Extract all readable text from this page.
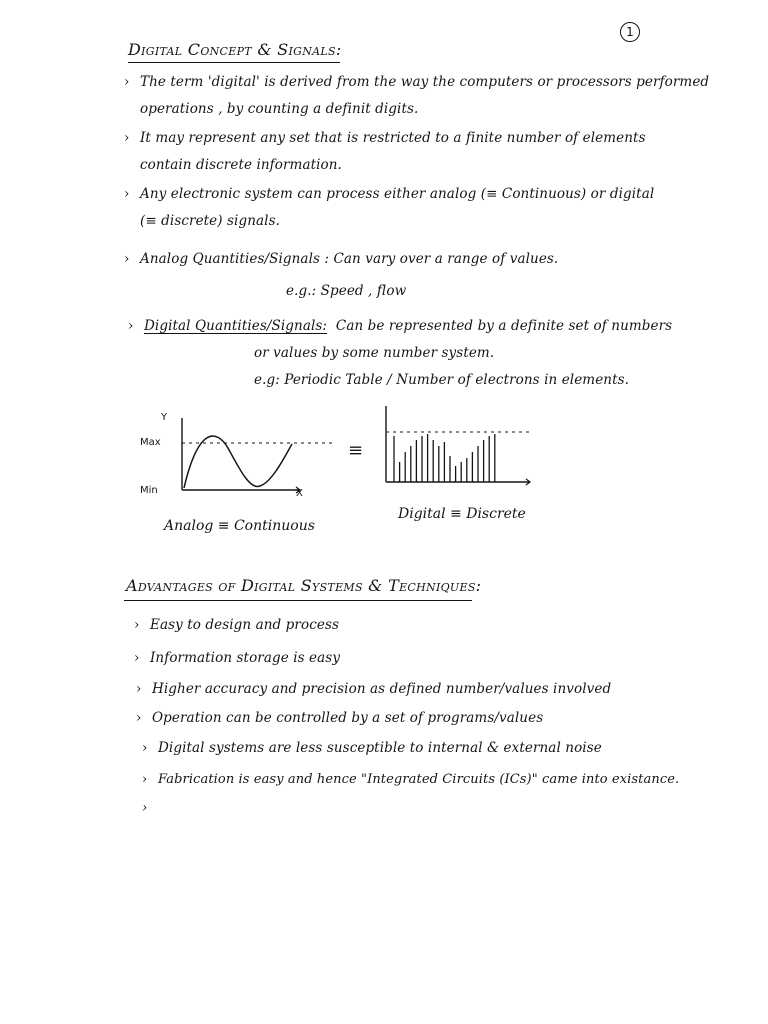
1
Digital Concept & Signals:
› The term 'digital' is derived from the way the computers or processors performed
operations , by counting a definit digits.
› It may represent any set that is restricted to a finite number of elements
contain discrete information.
› Any electronic system can process either analog (≡ Continuous) or digital
(≡ discrete) signals.
› Analog Quantities/Signals : Can vary over a range of values.
e.g.: Speed , flow
› Digital Quantities/Signals: Can be represented by a definite set of numbers
or values by some number system.
e.g: Periodic Table / Number of electrons in elements.
Y
Max
Min	X
≡
Analog ≡ Continuous
Digital ≡ Discrete
Advantages of Digital Systems & Techniques:
› Easy to design and process
› Information storage is easy
› Higher accuracy and precision as defined number/values involved
› Operation can be controlled by a set of programs/values
› Digital systems are less susceptible to internal & external noise
› Fabrication is easy and hence "Integrated Circuits (ICs)" came into existance.
›
